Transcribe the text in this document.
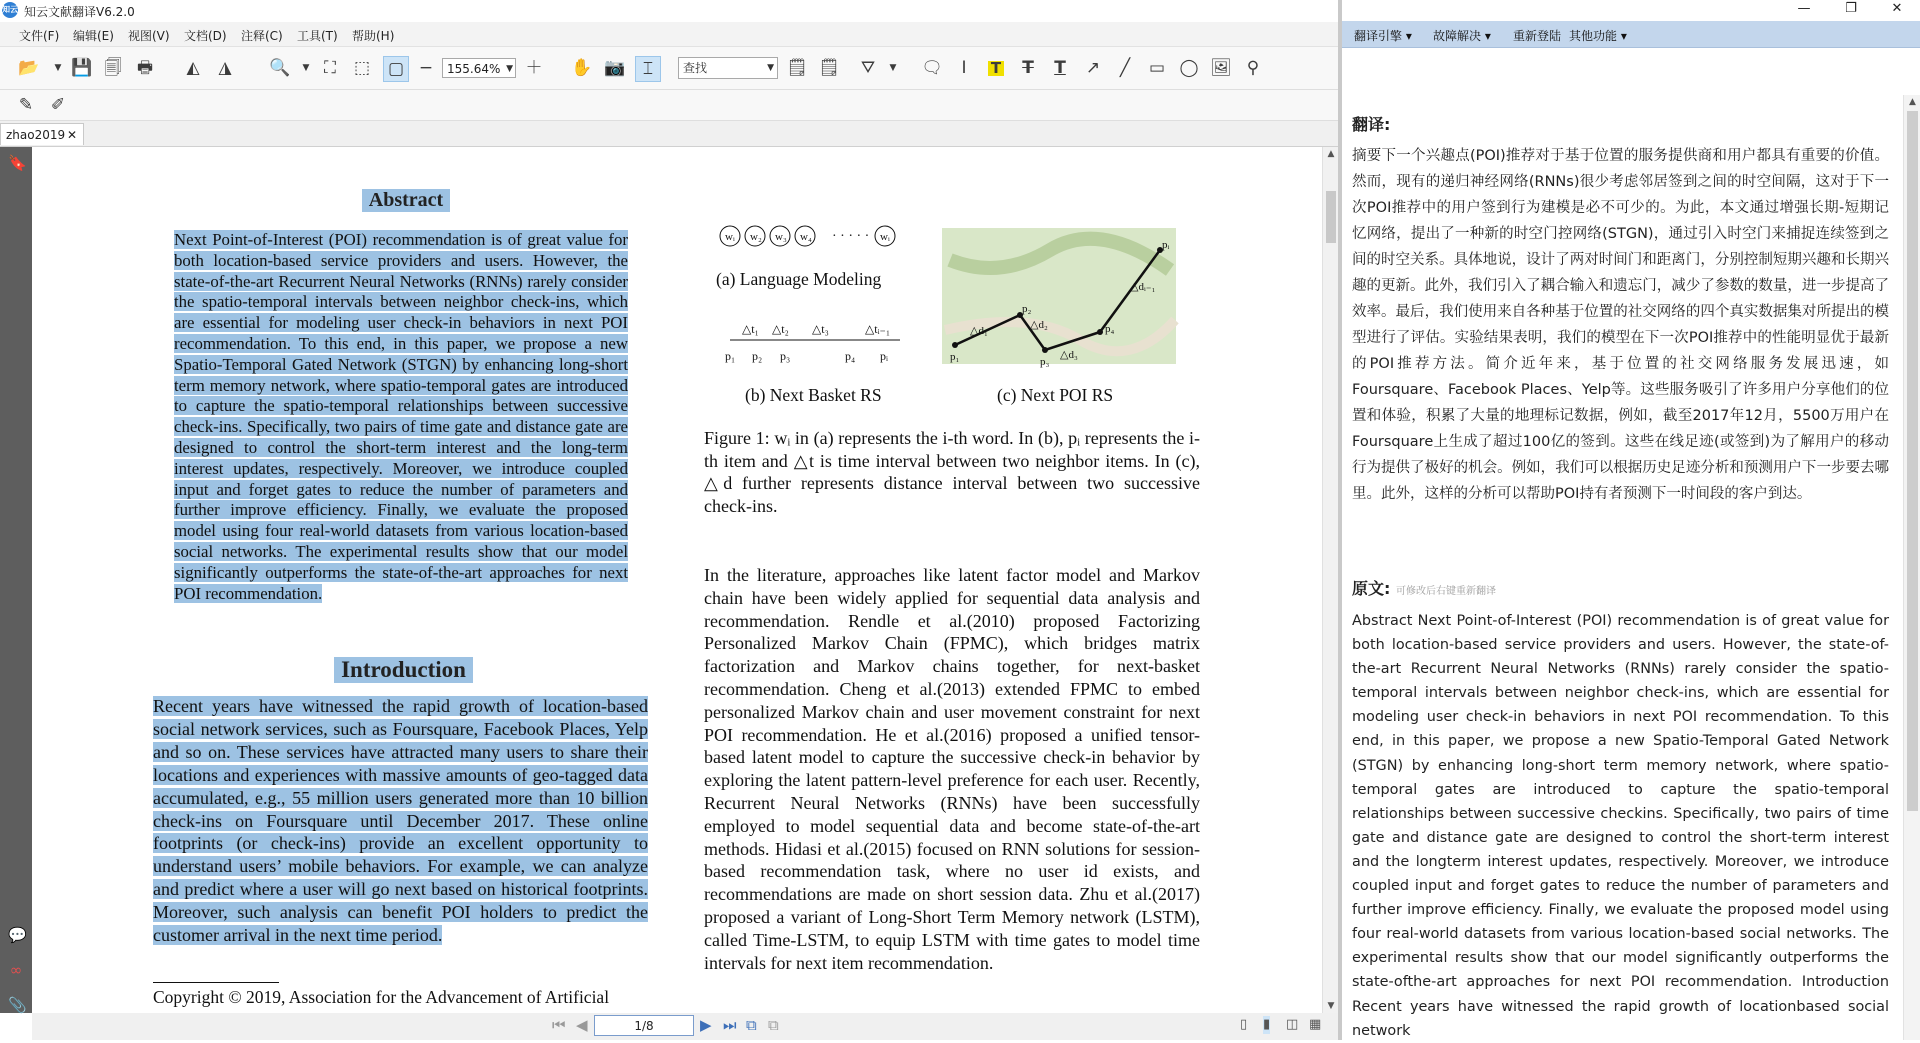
知云 知云文献翻译V6.2.0
文件(F) 编辑(E) 视图(V) 文档(D) 注释(C) 工具(T) 帮助(H)
📂 ▼ 💾 🗐 🖶	◭	◮	🔍 ▼ ⛶	⬚ ▢ −	＋ ✋ 📷	⌶	🗒 🗒 ⛛	▼ 🗨	I	T T T ↗	╱	▭ ◯ 🖼 ⚲
155.64% ▼	查找	▼
✎ ✐
zhao2019 ✕
🔖
💬
∞
📎
Abstract
Next Point-of-Interest (POI) recommendation is of great value for both location-based service providers and users. However, the state-of-the-art Recurrent Neural Networks (RNNs) rarely consider the spatio-temporal intervals between neighbor check-ins, which are essential for modeling user check-in behaviors in next POI recommendation. To this end, in this paper, we propose a new Spatio-Temporal Gated Network (STGN) by enhancing long-short term memory network, where spatio-temporal gates are introduced to capture the spatio-temporal relationships between successive check-ins. Specifically, two pairs of time gate and distance gate are designed to control the short-term interest and the long-term interest updates, respectively. Moreover, we introduce coupled input and forget gates to reduce the number of parameters and further improve efficiency. Finally, we evaluate the proposed model using four real-world datasets from various location-based social networks. The experimental results show that our model significantly outperforms the state-of-the-art approaches for next POI recommendation.
Introduction
Recent years have witnessed the rapid growth of location-based social network services, such as Foursquare, Facebook Places, Yelp and so on. These services have attracted many users to share their locations and experiences with massive amounts of geo-tagged data accumulated, e.g., 55 million users generated more than 10 billion check-ins on Foursquare until December 2017. These online footprints (or check-ins) provide an excellent opportunity to understand users’ mobile behaviors. For example, we can analyze and predict where a user will go next based on historical footprints. Moreover, such analysis can benefit POI holders to predict the customer arrival in the next time period.
Copyright © 2019, Association for the Advancement of Artificial
wᵢ w₂ w₃ w₄ · · · · · wᵢ
△t₁ △t₂ △t₃	△tᵢ₋₁
p₁ p₂ p₃	p₄ pᵢ	p₁
p₂
p₃
p₄
pᵢ
△d₁	△d₂
△d₃
△dᵢ₋₁
(a) Language Modeling
(b) Next Basket RS	(c) Next POI RS
Figure 1: wᵢ in (a) represents the i-th word. In (b), pᵢ represents the i-th item and △t is time interval between two neighbor items. In (c), △d further represents distance interval between two successive check-ins.
In the literature, approaches like latent factor model and Markov chain have been widely applied for sequential data analysis and recommendation. Rendle et al.(2010) proposed Factorizing Personalized Markov Chain (FPMC), which bridges matrix factorization and Markov chains together, for next-basket recommendation. Cheng et al.(2013) extended FPMC to embed personalized Markov chain and user movement constraint for next POI recommendation. He et al.(2016) proposed a unified tensor-based latent model to capture the successive check-in behavior by exploring the latent pattern-level preference for each user. Recently, Recurrent Neural Networks (RNNs) have been successfully employed to model sequential data and become state-of-the-art methods. Hidasi et al.(2015) focused on RNN solutions for session-based recommendation task, where no user id exists, and recommendations are made on short session data. Zhu et al.(2017) proposed a variant of Long-Short Term Memory network (LSTM), called Time-LSTM, to equip LSTM with time gates to model time intervals for next item recommendation.
▲
▼
⏮ ◀	1/8	▶ ⏭ ⧉ ⧉	▯ ▮ ◫ ▦
—	❐	✕
翻译引擎 ▾ 故障解决 ▾ 重新登陆 其他功能 ▾
翻译:
摘要下一个兴趣点(POI)推荐对于基于位置的服务提供商和用户都具有重要的价值。然而，现有的递归神经网络(RNNs)很少考虑邻居签到之间的时空间隔，这对于下一次POI推荐中的用户签到行为建模是必不可少的。为此，本文通过增强长期-短期记忆网络，提出了一种新的时空门控网络(STGN)，通过引入时空门来捕捉连续签到之间的时空关系。具体地说，设计了两对时间门和距离门，分别控制短期兴趣和长期兴趣的更新。此外，我们引入了耦合输入和遗忘门，减少了参数的数量，进一步提高了效率。最后，我们使用来自各种基于位置的社交网络的四个真实数据集对所提出的模型进行了评估。实验结果表明，我们的模型在下一次POI推荐中的性能明显优于最新的POI推荐方法。简介近年来，基于位置的社交网络服务发展迅速，如Foursquare、Facebook Places、Yelp等。这些服务吸引了许多用户分享他们的位置和体验，积累了大量的地理标记数据，例如，截至2017年12月，5500万用户在Foursquare上生成了超过100亿的签到。这些在线足迹(或签到)为了解用户的移动行为提供了极好的机会。例如，我们可以根据历史足迹分析和预测用户下一步要去哪里。此外，这样的分析可以帮助POI持有者预测下一时间段的客户到达。
原文: 可修改后右键重新翻译
Abstract Next Point-of-Interest (POI) recommendation is of great value for both location-based service providers and users. However, the state-of-the-art Recurrent Neural Networks (RNNs) rarely consider the spatio-temporal intervals between neighbor check-ins, which are essential for modeling user check-in behaviors in next POI recommendation. To this end, in this paper, we propose a new Spatio-Temporal Gated Network (STGN) by enhancing long-short term memory network, where spatio-temporal gates are introduced to capture the spatio-temporal relationships between successive checkins. Specifically, two pairs of time gate and distance gate are designed to control the short-term interest and the longterm interest updates, respectively. Moreover, we introduce coupled input and forget gates to reduce the number of parameters and further improve efficiency. Finally, we evaluate the proposed model using four real-world datasets from various location-based social networks. The experimental results show that our model significantly outperforms the state-ofthe-art approaches for next POI recommendation. Introduction Recent years have witnessed the rapid growth of locationbased social network
▲
